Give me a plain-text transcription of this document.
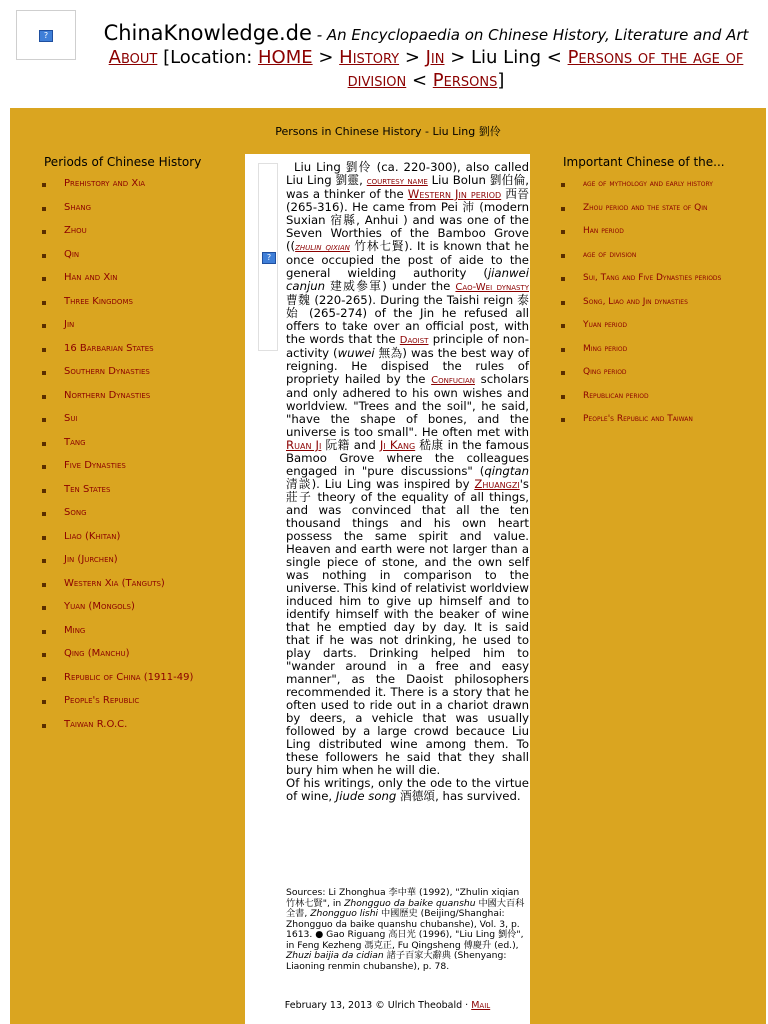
?	ChinaKnowledge.de - An Encyclopaedia on Chinese History, Literature and Art
About [Location: HOME > History > Jin > Liu Ling < Persons of the age of division < Persons]
Persons in Chinese History - Liu Ling 劉伶
Periods of Chinese History
Prehistory and Xia
Shang
Zhou
Qin
Han and Xin
Three Kingdoms
Jin
16 Barbarian States
Southern Dynasties
Northern Dynasties
Sui
Tang
Five Dynasties
Ten States
Song
Liao (Khitan)
Jin (Jurchen)
Western Xia (Tanguts)
Yuan (Mongols)
Ming
Qing (Manchu)
Republic of China (1911-49)
People's Republic
Taiwan R.O.C.
?

Liu Ling 劉伶 (ca. 220-300), also called Liu Ling 劉靈, courtesy name Liu Bolun 劉伯倫, was a thinker of the Western Jin period 西晉 (265-316). He came from Pei 沛 (modern Suxian 宿縣, Anhui ) and was one of the Seven Worthies of the Bamboo Grove ((zhulin qixian 竹林七賢). It is known that he once occupied the post of aide to the general wielding authority (jianwei canjun 建威參軍) under the Cao-Wei dynasty 曹魏 (220-265). During the Taishi reign 泰始 (265-274) of the Jin he refused all offers to take over an official post, with the words that the Daoist principle of non-activity (wuwei 無為) was the best way of reigning. He dispised the rules of propriety hailed by the Confucian scholars and only adhered to his own wishes and worldview. "Trees and the soil", he said, "have the shape of bones, and the universe is too small". He often met with Ruan Ji 阮籍 and Ji Kang 嵇康 in the famous Bamoo Grove where the colleagues engaged in "pure discussions" (qingtan 清談). Liu Ling was inspired by Zhuangzi's 莊子 theory of the equality of all things, and was convinced that all the ten thousand things and his own heart possess the same spirit and value. Heaven and earth were not larger than a single piece of stone, and the own self was nothing in comparison to the universe. This kind of relativist worldview induced him to give up himself and to identify himself with the beaker of wine that he emptied day by day. It is said that if he was not drinking, he used to play darts. Drinking helped him to "wander around in a free and easy manner", as the Daoist philosophers recommended it. There is a story that he often used to ride out in a chariot drawn by deers, a vehicle that was usually followed by a large crowd becauce Liu Ling distributed wine among them. To these followers he said that they shall bury him when he will die.

Of his writings, only the ode to the virtue of wine, Jiude song 酒德頌, has survived.

Sources: Li Zhonghua 李中華 (1992), "Zhulin xiqian 竹林七賢", in Zhongguo da baike quanshu 中國大百科全書, Zhongguo lishi 中國歷史 (Beijing/Shanghai: Zhongguo da baike quanshu chubanshe), Vol. 3, p. 1613. ● Gao Riguang 高日光 (1996), "Liu Ling 劉伶", in Feng Kezheng 馮克正, Fu Qingsheng 傅慶升 (ed.), Zhuzi baijia da cidian 諸子百家大辭典 (Shenyang: Liaoning renmin chubanshe), p. 78.
February 13, 2013 © Ulrich Theobald · Mail
Important Chinese of the...
age of mythology and early history
Zhou period and the state of Qin
Han period
age of division
Sui, Tang and Five Dynasties periods
Song, Liao and Jin dynasties
Yuan period
Ming period
Qing period
Republican period
People's Republic and Taiwan
